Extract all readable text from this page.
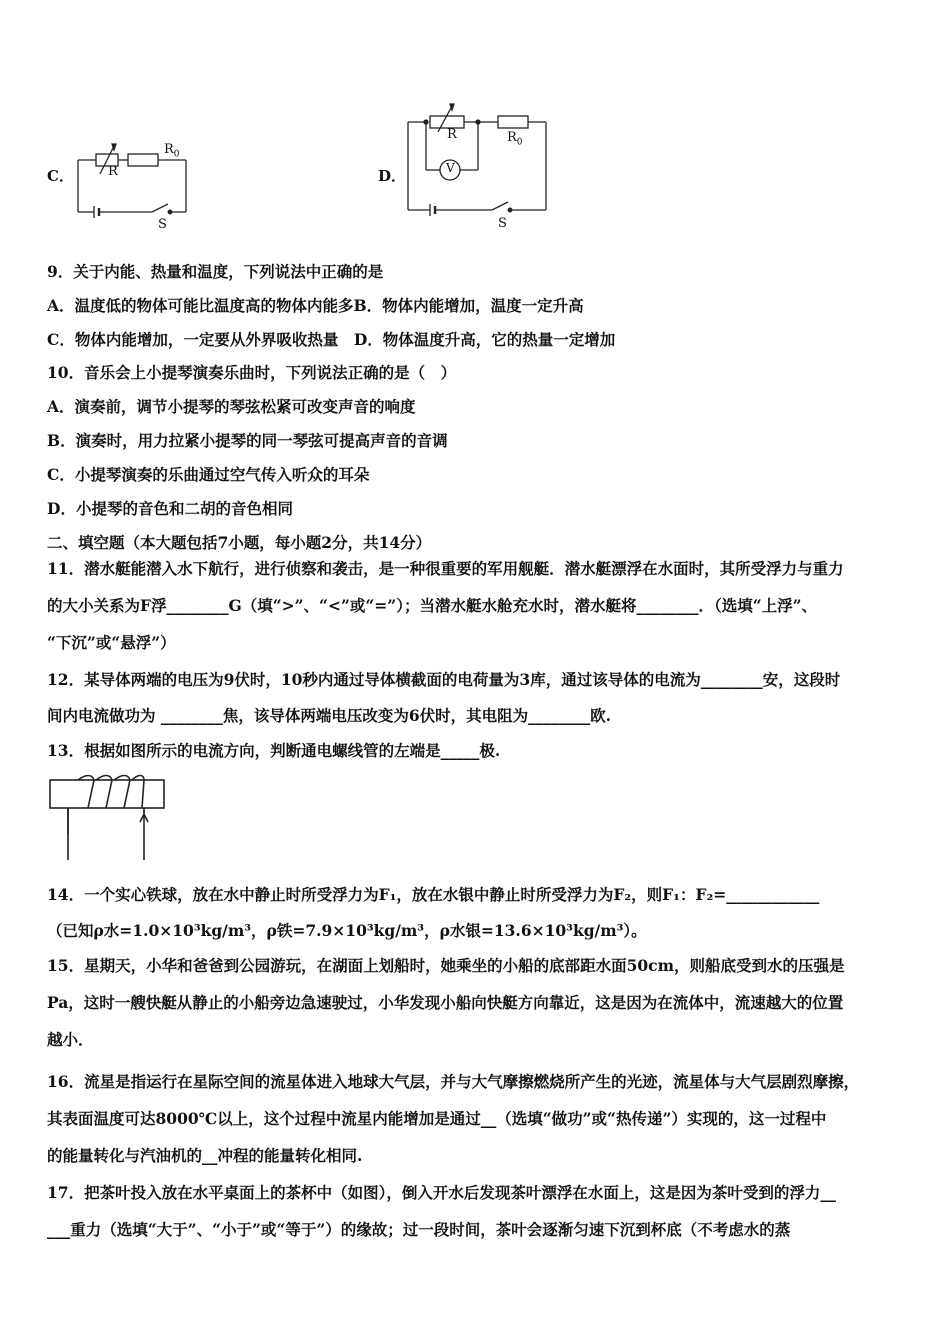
C．	R
$R_0$
S
D．	V
R	$R_0$
S
9．关于内能、热量和温度，下列说法中正确的是
A．温度低的物体可能比温度高的物体内能多B．物体内能增加，温度一定升高
C．物体内能增加，一定要从外界吸收热量　D．物体温度升高，它的热量一定增加
10．音乐会上小提琴演奏乐曲时，下列说法正确的是（　）
A．演奏前，调节小提琴的琴弦松紧可改变声音的响度
B．演奏时，用力拉紧小提琴的同一琴弦可提高声音的音调
C．小提琴演奏的乐曲通过空气传入听众的耳朵
D．小提琴的音色和二胡的音色相同
二、填空题（本大题包括7小题，每小题2分，共14分）
11．潜水艇能潜入水下航行，进行侦察和袭击，是一种很重要的军用舰艇．潜水艇漂浮在水面时，其所受浮力与重力
的大小关系为F浮________G（填“>”、“<”或“=”）；当潜水艇水舱充水时，潜水艇将________．（选填“上浮”、
“下沉”或“悬浮”）
12．某导体两端的电压为9伏时，10秒内通过导体横截面的电荷量为3库，通过该导体的电流为________安，这段时
间内电流做功为 ________焦，该导体两端电压改变为6伏时，其电阻为________欧.
13．根据如图所示的电流方向，判断通电螺线管的左端是_____极.
14．一个实心铁球，放在水中静止时所受浮力为F₁，放在水银中静止时所受浮力为F₂，则F₁：F₂=____________
（已知ρ水=1.0×10³kg/m³，ρ铁=7.9×10³kg/m³，ρ水银=13.6×10³kg/m³）。
15．星期天，小华和爸爸到公园游玩，在湖面上划船时，她乘坐的小船的底部距水面50cm，则船底受到水的压强是
Pa，这时一艘快艇从静止的小船旁边急速驶过，小华发现小船向快艇方向靠近，这是因为在流体中，流速越大的位置
越小．
16．流星是指运行在星际空间的流星体进入地球大气层，并与大气摩擦燃烧所产生的光迹，流星体与大气层剧烈摩擦，
其表面温度可达8000℃以上，这个过程中流星内能增加是通过__（选填“做功”或“热传递”）实现的，这一过程中
的能量转化与汽油机的__冲程的能量转化相同.
17．把茶叶投入放在水平桌面上的茶杯中（如图），倒入开水后发现茶叶漂浮在水面上，这是因为茶叶受到的浮力__
___重力（选填“大于”、“小于”或“等于”）的缘故；过一段时间，茶叶会逐渐匀速下沉到杯底（不考虑水的蒸
